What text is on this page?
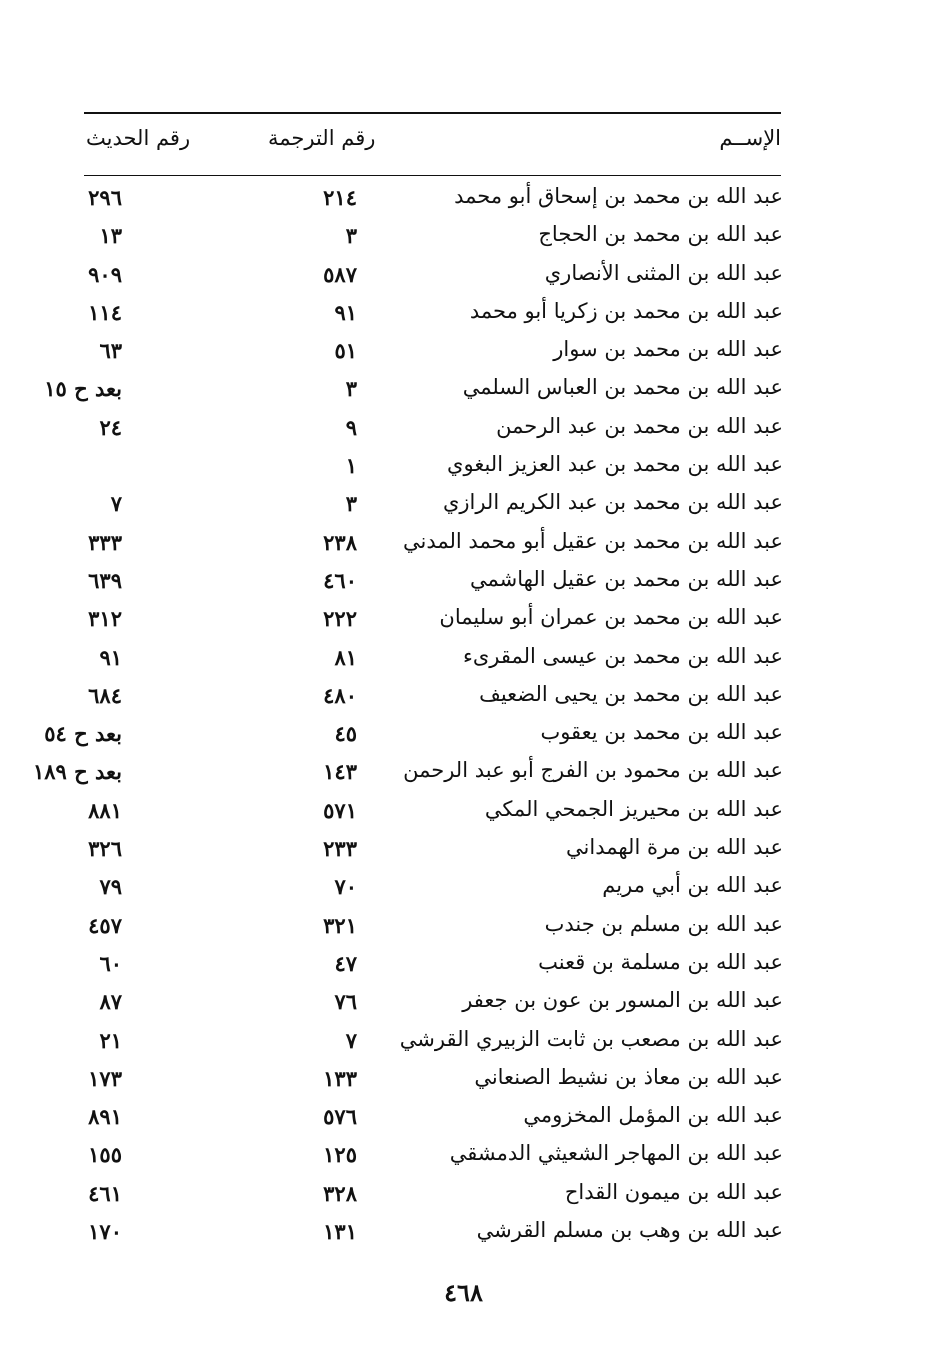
الإســم
رقم الترجمة
رقم الحديث
عبد الله بن محمد بن إسحاق أبو محمد
٢١٤
٢٩٦
عبد الله بن محمد بن الحجاج
٣
١٣
عبد الله بن المثنى الأنصاري
٥٨٧
٩٠٩
عبد الله بن محمد بن زكريا أبو محمد
٩١
١١٤
عبد الله بن محمد بن سوار
٥١
٦٣
عبد الله بن محمد بن العباس السلمي
٣
بعد ح ١٥
عبد الله بن محمد بن عبد الرحمن
٩
٢٤
عبد الله بن محمد بن عبد العزيز البغوي
١
عبد الله بن محمد بن عبد الكريم الرازي
٣
٧
عبد الله بن محمد بن عقيل أبو محمد المدني
٢٣٨
٣٣٣
عبد الله بن محمد بن عقيل الهاشمي
٤٦٠
٦٣٩
عبد الله بن محمد بن عمران أبو سليمان
٢٢٢
٣١٢
عبد الله بن محمد بن عيسى المقرىء
٨١
٩١
عبد الله بن محمد بن يحيى الضعيف
٤٨٠
٦٨٤
عبد الله بن محمد بن يعقوب
٤٥
بعد ح ٥٤
عبد الله بن محمود بن الفرج أبو عبد الرحمن
١٤٣
بعد ح ١٨٩
عبد الله بن محيريز الجمحي المكي
٥٧١
٨٨١
عبد الله بن مرة الهمداني
٢٣٣
٣٢٦
عبد الله بن أبي مريم
٧٠
٧٩
عبد الله بن مسلم بن جندب
٣٢١
٤٥٧
عبد الله بن مسلمة بن قعنب
٤٧
٦٠
عبد الله بن المسور بن عون بن جعفر
٧٦
٨٧
عبد الله بن مصعب بن ثابت الزبيري القرشي
٧
٢١
عبد الله بن معاذ بن نشيط الصنعاني
١٣٣
١٧٣
عبد الله بن المؤمل المخزومي
٥٧٦
٨٩١
عبد الله بن المهاجر الشعيثي الدمشقي
١٢٥
١٥٥
عبد الله بن ميمون القداح
٣٢٨
٤٦١
عبد الله بن وهب بن مسلم القرشي
١٣١
١٧٠
٤٦٨
